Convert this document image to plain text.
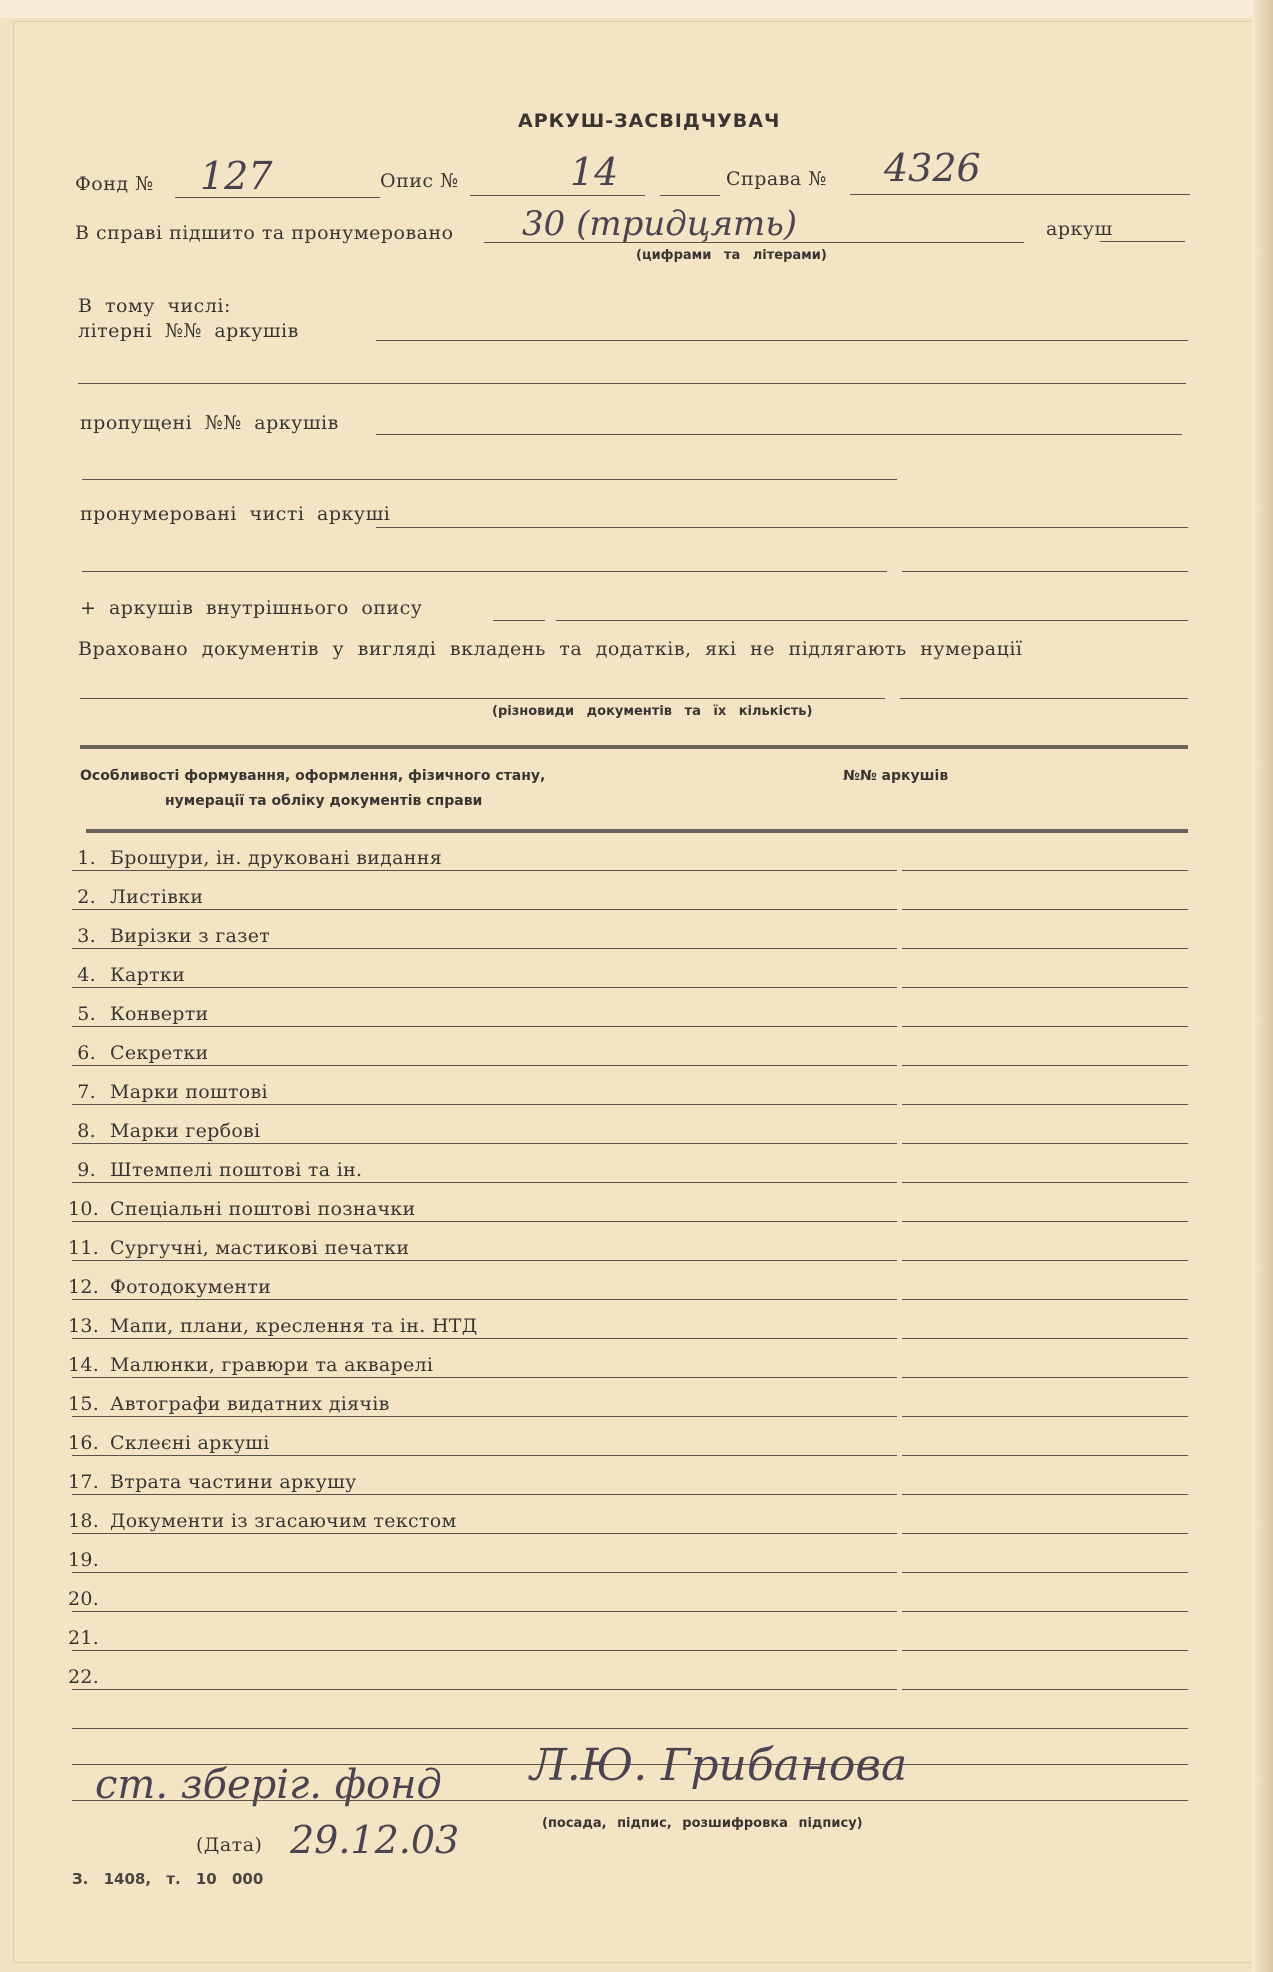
АРКУШ-ЗАСВІДЧУВАЧ
Фонд № 127	Опис №	14	Справа № 4326
В справі підшито та пронумеровано 30 (тридцять)	аркуш
(цифрами та літерами)
В тому числі:
літерні №№ аркушів
пропущені №№ аркушів
пронумеровані чисті аркуші
+ аркушів внутрішнього опису
Враховано документів у вигляді вкладень та додатків, які не підлягають нумерації
(різновиди документів та їх кількість)
Особливості формування, оформлення, фізичного стану,
нумерації та обліку документів справи
№№ аркушів
1. Брошури, ін. друковані видання
2. Листівки
3. Вирізки з газет
4. Картки
5. Конверти
6. Секретки
7. Марки поштові
8. Марки гербові
9. Штемпелі поштові та ін.
10. Спеціальні поштові позначки
11. Сургучні, мастикові печатки
12. Фотодокументи
13. Мапи, плани, креслення та ін. НТД
14. Малюнки, гравюри та акварелі
15. Автографи видатних діячів
16. Склеєні аркуші
17. Втрата частини аркушу
18. Документи із згасаючим текстом
19.
20.
21.
22.
ст. зберіг. фонд Л.Ю. Грибанова
(посада, підпис, розшифровка підпису)
(Дата) 29.12.03
З. 1408, т. 10 000
